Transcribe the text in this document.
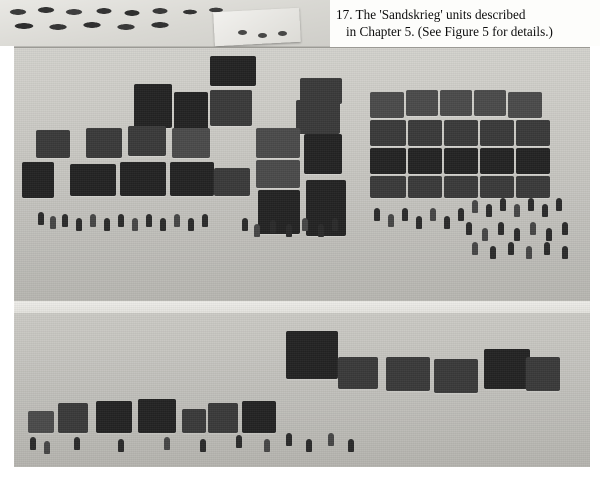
17. The 'Sandskrieg' units described
in Chapter 5. (See Figure 5 for details.)
